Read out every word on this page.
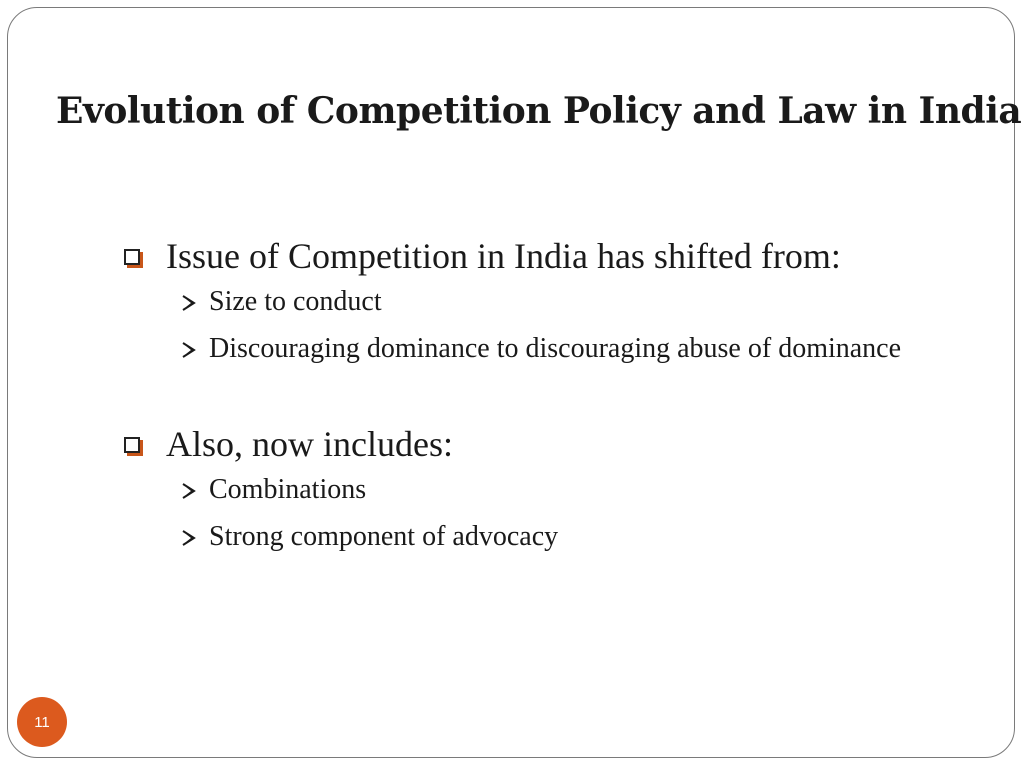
Evolution of Competition Policy and Law in India
Issue of Competition in India has shifted from:
Size to conduct
Discouraging dominance to discouraging abuse of dominance
Also, now includes:
Combinations
Strong component of advocacy
11
